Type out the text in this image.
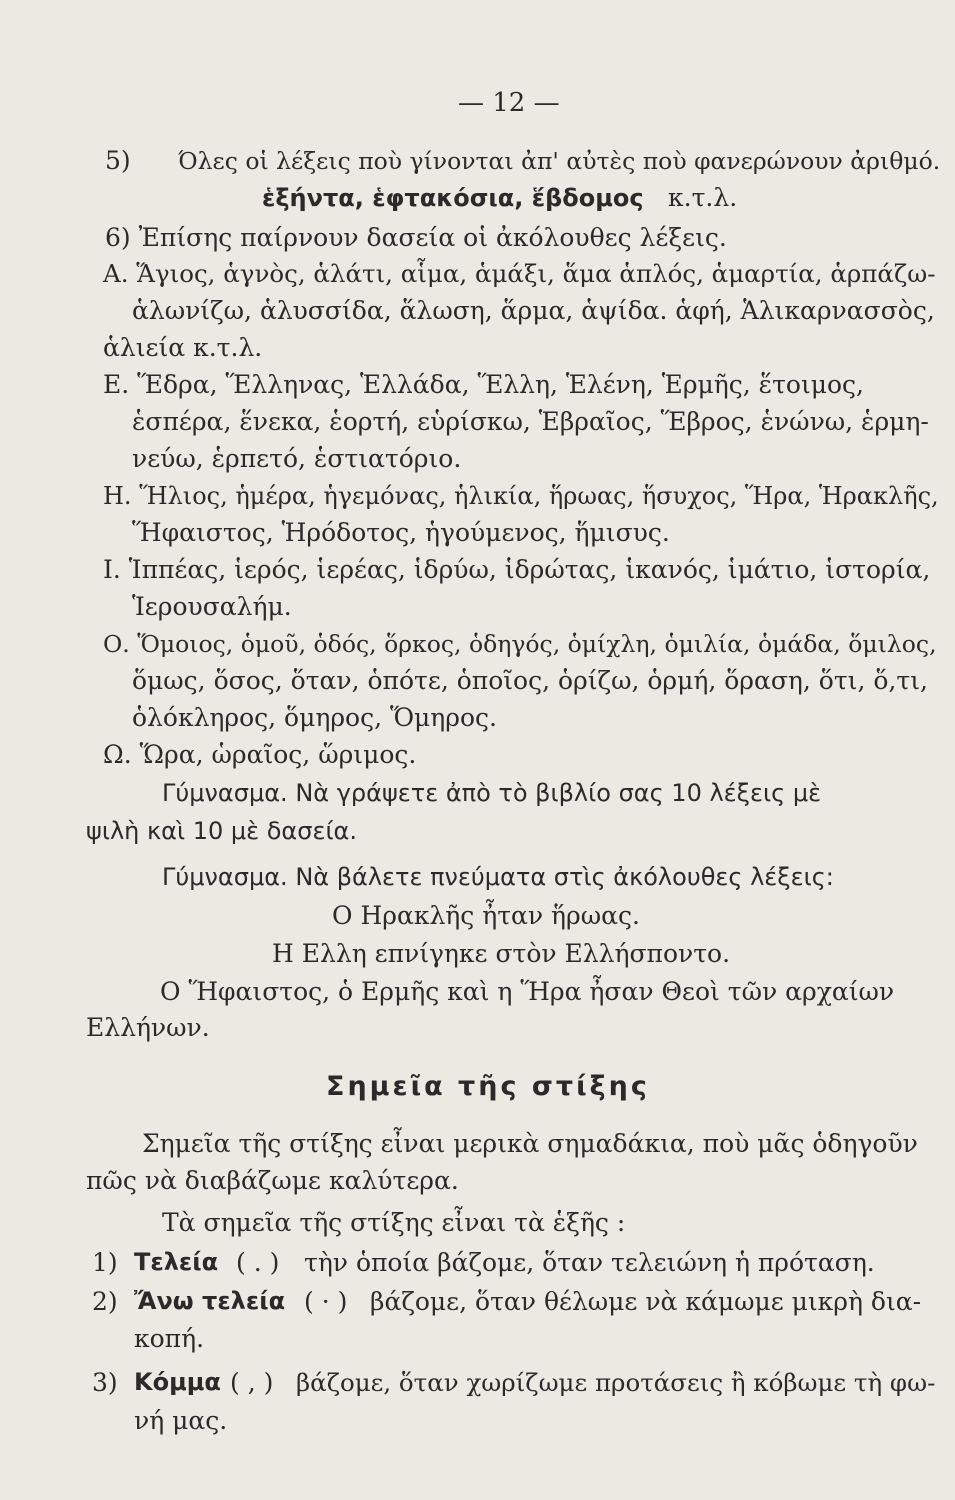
— 12 —
5) Όλες οἱ λέξεις ποὺ γίνονται ἀπ' αὐτὲς ποὺ φανερώνουν ἀριθμό.
ἑξήντα, ἑφτακόσια, ἕβδομος κ.τ.λ.
6) Ἐπίσης παίρνουν δασεία οἱ ἀκόλουθες λέξεις.
Α. Ἅγιος, ἁγνὸς, ἁλάτι, αἷμα, ἁμάξι, ἅμα ἁπλός, ἁμαρτία, ἁρπάζω-
ἁλωνίζω, ἁλυσσίδα, ἅλωση, ἅρμα, ἁψίδα. ἁφή, Ἁλικαρνασσὸς,
ἁλιεία κ.τ.λ.
Ε. Ἕδρα, Ἕλληνας, Ἑλλάδα, Ἕλλη, Ἑλένη, Ἑρμῆς, ἕτοιμος,
ἑσπέρα, ἕνεκα, ἑορτή, εὑρίσκω, Ἑβραῖος, Ἕβρος, ἑνώνω, ἑρμη-
νεύω, ἑρπετό, ἑστιατόριο.
Η. Ἥλιος, ἡμέρα, ἡγεμόνας, ἡλικία, ἥρωας, ἥσυχος, Ἥρα, Ἡρακλῆς,
Ἥφαιστος, Ἡρόδοτος, ἡγούμενος, ἥμισυς.
Ι. Ἱππέας, ἱερός, ἱερέας, ἱδρύω, ἱδρώτας, ἱκανός, ἱμάτιο, ἱστορία,
Ἱερουσαλήμ.
Ο. Ὅμοιος, ὁμοῦ, ὁδός, ὅρκος, ὁδηγός, ὁμίχλη, ὁμιλία, ὁμάδα, ὅμιλος,
ὅμως, ὅσος, ὅταν, ὁπότε, ὁποῖος, ὁρίζω, ὁρμή, ὅραση, ὅτι, ὅ,τι,
ὁλόκληρος, ὅμηρος, Ὅμηρος.
Ω. Ὥρα, ὡραῖος, ὥριμος.
Γύμνασμα. Νὰ γράψετε ἀπὸ τὸ βιβλίο σας 10 λέξεις μὲ
ψιλὴ καὶ 10 μὲ δασεία.
Γύμνασμα. Νὰ βάλετε πνεύματα στὶς ἀκόλουθες λέξεις:
Ο Ηρακλῆς ἦταν ἥρωας.
Η Ελλη επνίγηκε στὸν Ελλήσποντο.
Ο Ἥφαιστος, ὁ Ερμῆς καὶ η Ἥρα ἦσαν Θεοὶ τῶν αρχαίων
Ελλήνων.
Σημεῖα τῆς στίξης
Σημεῖα τῆς στίξης εἶναι μερικὰ σημαδάκια, ποὺ μᾶς ὁδηγοῦν
πῶς νὰ διαβάζωμε καλύτερα.
Τὰ σημεῖα τῆς στίξης εἶναι τὰ ἑξῆς :
1) Τελεία ( . ) τὴν ὁποία βάζομε, ὅταν τελειώνη ἡ πρόταση.
2) Ἄνω τελεία ( · ) βάζομε, ὅταν θέλωμε νὰ κάμωμε μικρὴ δια-
κοπή.
3) Κόμμα ( , ) βάζομε, ὅταν χωρίζωμε προτάσεις ἢ κόβωμε τὴ φω-
νή μας.
